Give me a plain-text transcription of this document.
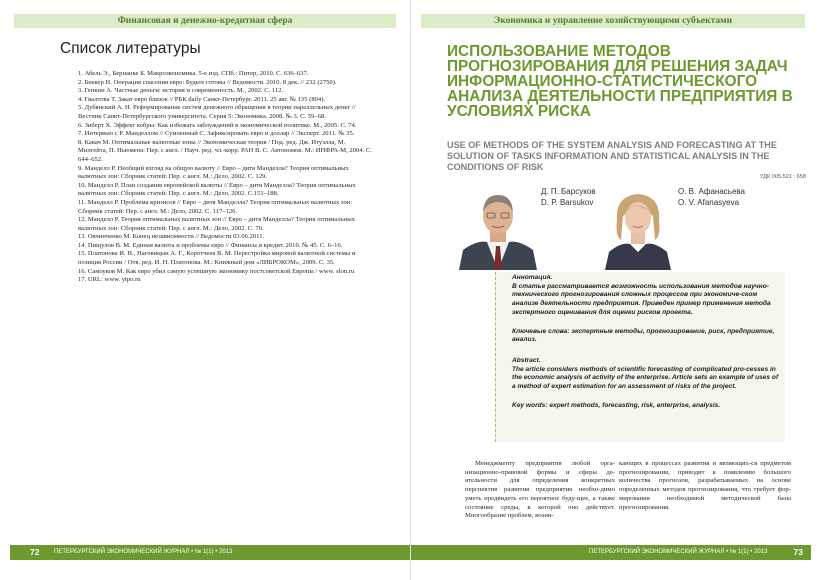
Финансовая и денежно-кредитная сфера
Список литературы
1. Абель Э., Бернанке Б. Макроэкономика. 5-е изд. СПб.: Питер, 2010. С. 636–637.
2. Беккер Н. Операция спасения евро: Будьте готовы // Ведомости. 2010. 8 дек. // 232 (2750).
3. Генкин А. Частные деньги: история и современность. М., 2002. С. 112.
4. Гвалтова Т. Закат евро близок // РБК daily Санкт-Петербург. 2011. 25 авг. № 135 (804).
5. Дубянский А. Н. Реформирование систем денежного обращения в теории параллельных денег // Вестник Санкт-Петербургского университета. Серия 5: Экономика. 2008. № 3. С. 59–68.
6. Зиберт Х. Эффект кобры: Как избежать заблуждений в экономической политике. М., 2005. С. 74.
7. Интервью с Р. Манделлом // Сумленный С. Зафиксировать евро и доллар // Эксперт. 2011. № 35.
8. Кавач М. Оптимальные валютные зоны // Экономическая теория / Под. ред. Дж. Итуэлла, М. Милгейта, П. Ньюмена: Пер. с англ. / Науч. ред. чл.-корр. РАН В. С. Автономов. М.: ИНФРА-М, 2004. С. 644–652.
9. Манделл Р. Необщий взгляд на общую валюту // Евро – дитя Манделла? Теория оптимальных валютных зон: Сборник статей: Пер. с англ. М.: Дело, 2002. С. 129.
10. Манделл Р. План создания европейской валюты // Евро – дитя Манделла? Теория оптимальных валютных зон: Сборник статей: Пер. с англ. М.: Дело, 2002. С.151–188.
11. Манделл Р. Проблема кризисов // Евро – дитя Манделла? Теория оптимальных валютных зон: Сборник статей: Пер. с англ. М.: Дело, 2002. С. 117–126.
12. Манделл Р. Теория оптимальных валютных зон // Евро – дитя Манделла? Теория оптимальных валютных зон: Сборник статей: Пер. с англ. М.: Дело, 2002. С. 70.
13. Овчинченко М. Конец независимости // Ведомости 03.06.2011.
14. Пищулов В. М. Единая валюта и проблемы евро // Финансы и кредит. 2010. № 45. С. 6–16.
15. Платонова И. Н., Наговицын А. Г., Коротчеев В. М. Перестройка мировой валютной системы и позиция России / Отв. ред. И. Н. Платонова. М.: Книжный дом «ЛИБРОКОМ», 2009. С. 35.
16. Самоуков М. Как евро убил самую успешную экономику постсоветской Европы / www. slon.ru
17. URL: www. ytpo.ru
72 ПЕТЕРБУРГСКИЙ ЭКОНОМИЧЕСКИЙ ЖУРНАЛ • № 1(1) • 2013
Экономика и управление хозяйствующими субъектами
ИСПОЛЬЗОВАНИЕ МЕТОДОВ ПРОГНОЗИРОВАНИЯ ДЛЯ РЕШЕНИЯ ЗАДАЧ ИНФОРМАЦИОННО-СТАТИСТИЧЕСКОГО АНАЛИЗА ДЕЯТЕЛЬНОСТИ ПРЕДПРИЯТИЯ В УСЛОВИЯХ РИСКА
USE OF METHODS OF THE SYSTEM ANALYSIS AND FORECASTING AT THE SOLUTION OF TASKS INFORMATION AND STATISTICAL ANALYSIS IN THE CONDITIONS OF RISK
УДК 005.521 : 658
Д. П. Барсуков
D. P. Barsukov
О. В. Афанасьева
O. V. Afanasyeva

Аннотация.

В статье рассматривается возможность использования методов научно-технического прогнозирования сложных процессов при экономиче-ском анализе деятельности предприятия. Приведен пример применения метода экспертного оценивания для оценки рисков проекта.

Ключевые слова: экспертные методы, прогнозирование, риск, предприятие, анализ.

Abstract.

The article considers methods of scientific forecasting of complicated pro-cesses in the economic analysis of activity of the enterprise. Article sets an example of uses of a method of expert estimation for an assessment of risks of the project.

Key words: expert methods, forecasting, risk, enterprise, analysis.

Менеджменту предприятия любой орга-низационно-правовой формы и сферы де-ятельности для определения конкретных перспектив развития предприятия необхо-димо уметь предвидеть его вероятное буду-щее, а также состояние среды, в которой оно действует. Многообразие проблем, возни-

кающих в процессах развития и являющих-ся предметом прогнозирования, приводит к появлению большого количества прогнозов, разрабатываемых на основе определенных методов прогнозирования, что требует фор-мирования необходимой методической базы прогнозирования.

ПЕТЕРБУРГСКИЙ ЭКОНОМИЧЕСКИЙ ЖУРНАЛ • № 1(1) • 2013	73
